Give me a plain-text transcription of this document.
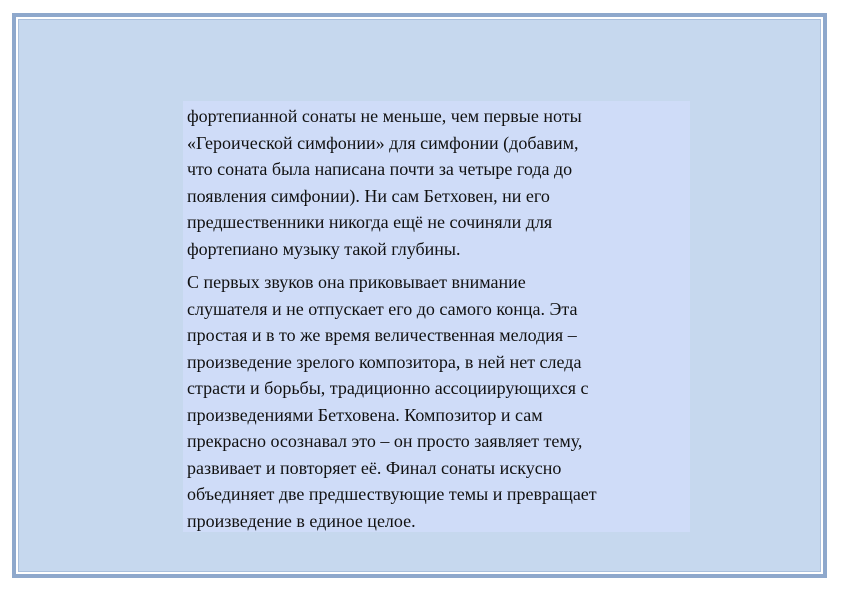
фортепианной сонаты не меньше, чем первые ноты
«Героической симфонии» для симфонии (добавим,
что соната была написана почти за четыре года до
появления симфонии). Ни сам Бетховен, ни его
предшественники никогда ещё не сочиняли для
фортепиано музыку такой глубины.

С первых звуков она приковывает внимание
слушателя и не отпускает его до самого конца. Эта
простая и в то же время величественная мелодия –
произведение зрелого композитора, в ней нет следа
страсти и борьбы, традиционно ассоциирующихся с
произведениями Бетховена. Композитор и сам
прекрасно осознавал это – он просто заявляет тему,
развивает и повторяет её. Финал сонаты искусно
объединяет две предшествующие темы и превращает
произведение в единое целое.
